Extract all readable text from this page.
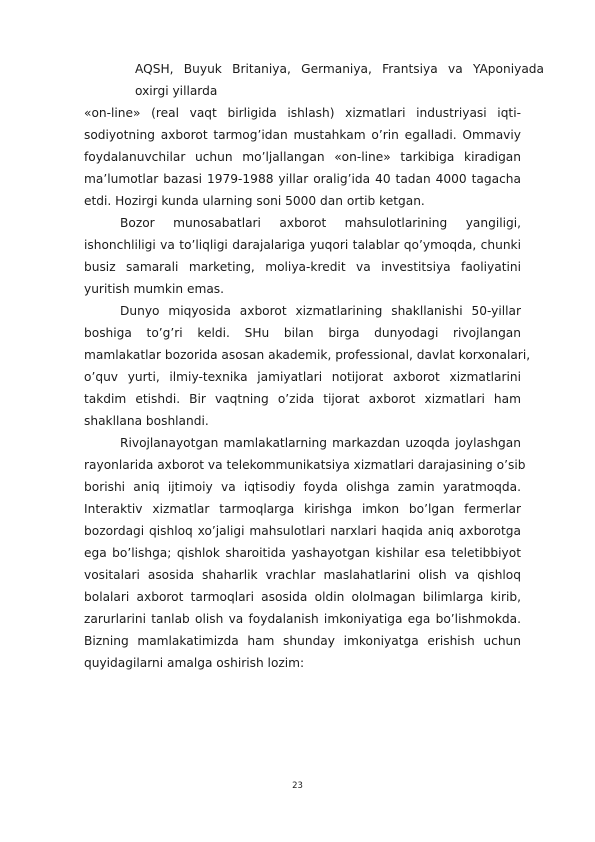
AQSH, Buyuk Britaniya, Germaniya, Frantsiya va YAponiyada
oxirgi yillarda
«on-line» (real vaqt birligida ishlash) xizmatlari industriyasi iqti-
sodiyotning axborot tarmog’idan mustahkam o’rin egalladi. Ommaviy
foydalanuvchilar uchun mo’ljallangan «on-line» tarkibiga kiradigan
ma’lumotlar bazasi 1979-1988 yillar oralig’ida 40 tadan 4000 tagacha
etdi. Hozirgi kunda ularning soni 5000 dan ortib ketgan.
Bozor munosabatlari axborot mahsulotlarining yangiligi,
ishonchliligi va to’liqligi darajalariga yuqori talablar qo’ymoqda, chunki
busiz samarali marketing, moliya-kredit va investitsiya faoliyatini
yuritish mumkin emas.
Dunyo miqyosida axborot xizmatlarining shakllanishi 50-yillar
boshiga to’g’ri keldi. SHu bilan birga dunyodagi rivojlangan
mamlakatlar bozorida asosan akademik, professional, davlat korxonalari,
o’quv yurti, ilmiy-texnika jamiyatlari notijorat axborot xizmatlarini
takdim etishdi. Bir vaqtning o’zida tijorat axborot xizmatlari ham
shakllana boshlandi.
Rivojlanayotgan mamlakatlarning markazdan uzoqda joylashgan
rayonlarida axborot va telekommunikatsiya xizmatlari darajasining o’sib
borishi aniq ijtimoiy va iqtisodiy foyda olishga zamin yaratmoqda.
Interaktiv xizmatlar tarmoqlarga kirishga imkon bo’lgan fermerlar
bozordagi qishloq xo’jaligi mahsulotlari narxlari haqida aniq axborotga
ega bo’lishga; qishlok sharoitida yashayotgan kishilar esa teletibbiyot
vositalari asosida shaharlik vrachlar maslahatlarini olish va qishloq
bolalari axborot tarmoqlari asosida oldin ololmagan bilimlarga kirib,
zarurlarini tanlab olish va foydalanish imkoniyatiga ega bo’lishmokda.
Bizning mamlakatimizda ham shunday imkoniyatga erishish uchun
quyidagilarni amalga oshirish lozim:
23
